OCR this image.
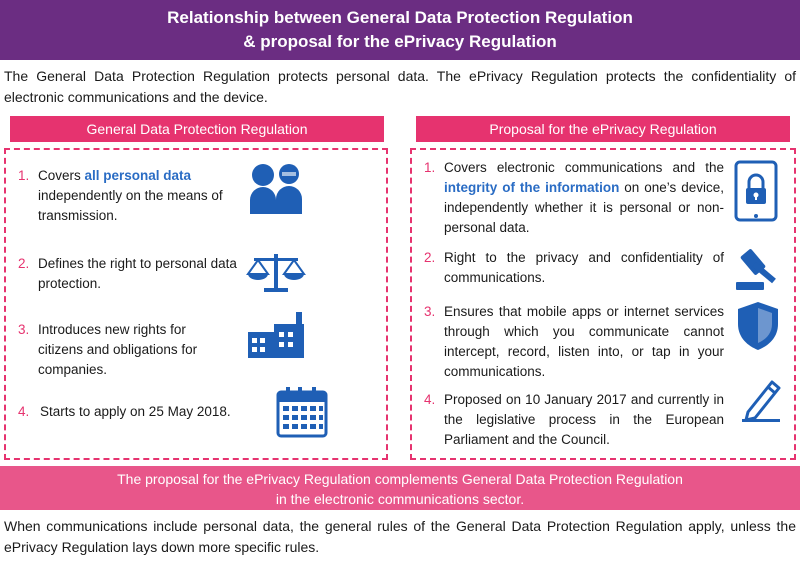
Relationship between General Data Protection Regulation
& proposal for the ePrivacy Regulation
The General Data Protection Regulation protects personal data. The ePrivacy Regulation protects the confidentiality of electronic communications and the device.
General Data Protection Regulation
1. Covers all personal data independently on the means of transmission.
2. Defines the right to personal data protection.
3. Introduces new rights for citizens and obligations for companies.
4. Starts to apply on 25 May 2018.
Proposal for the ePrivacy Regulation
1. Covers electronic communications and the integrity of the information on one’s device, independently whether it is personal or non-personal data.
2. Right to the privacy and confidentiality of communications.
3. Ensures that mobile apps or internet services through which you communicate cannot intercept, record, listen into, or tap in your communications.
4. Proposed on 10 January 2017 and currently in the legislative process in the European Parliament and the Council.
The proposal for the ePrivacy Regulation complements General Data Protection Regulation
in the electronic communications sector.
When communications include personal data, the general rules of the General Data Protection Regulation apply, unless the ePrivacy Regulation lays down more specific rules.
